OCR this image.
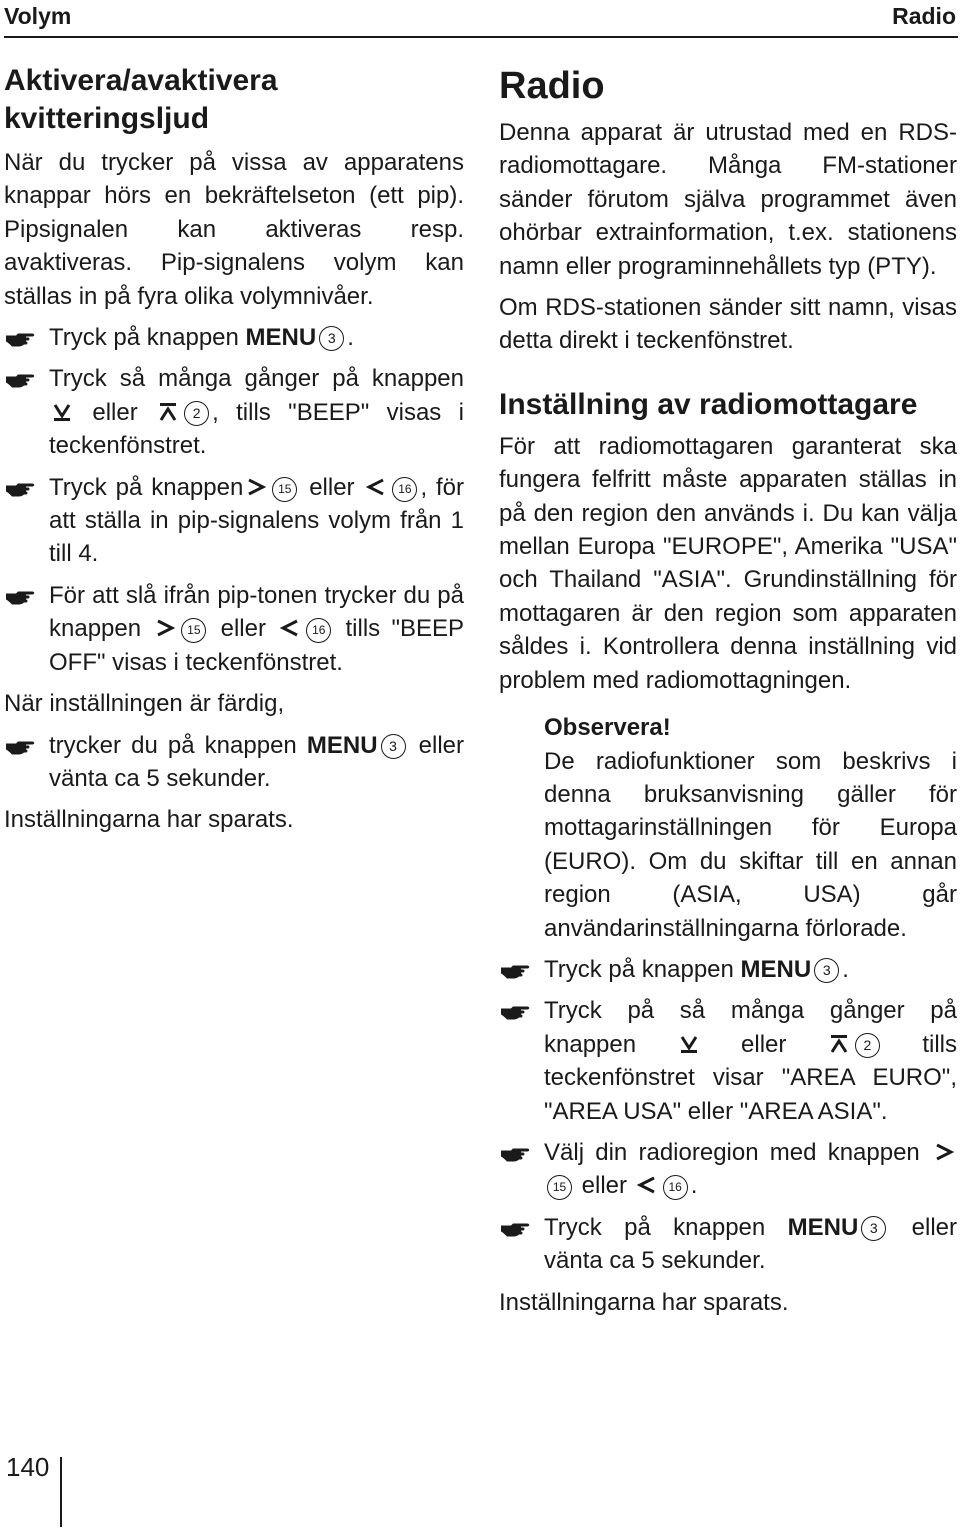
Volym	Radio
Aktivera/avaktivera kvitteringsljud

När du trycker på vissa av apparatens knappar hörs en bekräftelseton (ett pip). Pipsignalen kan aktiveras resp. avaktiveras. Pip-signalens volym kan ställas in på fyra olika volymnivåer.

Tryck på knappen MENU 3 .
Tryck så många gånger på knappen  eller	2 , tills "BEEP" visas i teckenfönstret.
Tryck på knappen	15 eller	16 , för att ställa in pip-signalens volym från 1 till 4.
För att slå ifrån pip-tonen trycker du på knappen	15 eller	16 tills "BEEP OFF" visas i teckenfönstret.

När inställningen är färdig,

trycker du på knappen MENU 3 eller vänta ca 5 sekunder.

Inställningarna har sparats.

Radio

Denna apparat är utrustad med en RDS-radiomottagare. Många FM-stationer sänder förutom själva programmet även ohörbar extrainformation, t.ex. stationens namn eller programinnehållets typ (PTY).

Om RDS-stationen sänder sitt namn, visas detta direkt i teckenfönstret.

Inställning av radiomottagare

För att radiomottagaren garanterat ska fungera felfritt måste apparaten ställas in på den region den används i. Du kan välja mellan Europa "EUROPE", Amerika "USA" och Thailand "ASIA". Grundinställning för mottagaren är den region som apparaten såldes i. Kontrollera denna inställning vid problem med radiomottagningen.

Observera!

De radiofunktioner som beskrivs i denna bruksanvisning gäller för mottagarinställningen för Europa (EURO). Om du skiftar till en annan region (ASIA, USA) går användarinställningarna förlorade.

Tryck på knappen MENU 3 .
Tryck på så många gånger på knappen  eller	2 tills teckenfönstret visar "AREA EURO", "AREA USA" eller "AREA ASIA".
Välj din radioregion med knappen 15 eller	16 .
Tryck på knappen MENU 3 eller vänta ca 5 sekunder.

Inställningarna har sparats.

140
